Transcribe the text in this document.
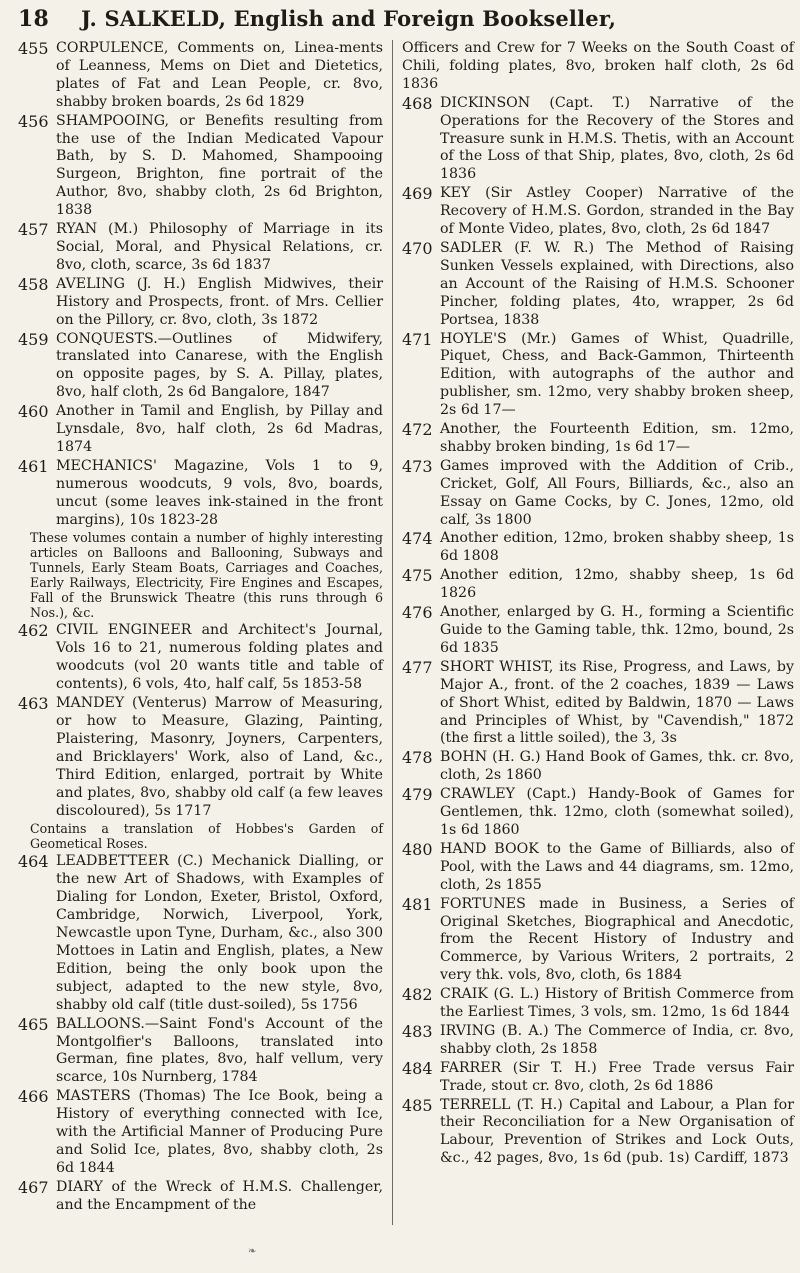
18 J. SALKELD, English and Foreign Bookseller,
455 CORPULENCE, Comments on, Linea-ments of Leanness, Mems on Diet and Dietetics, plates of Fat and Lean People, cr. 8vo, shabby broken boards, 2s 6d 1829
456 SHAMPOOING, or Benefits resulting from the use of the Indian Medicated Vapour Bath, by S. D. Mahomed, Shampooing Surgeon, Brighton, fine portrait of the Author, 8vo, shabby cloth, 2s 6d Brighton, 1838
457 RYAN (M.) Philosophy of Marriage in its Social, Moral, and Physical Relations, cr. 8vo, cloth, scarce, 3s 6d 1837
458 AVELING (J. H.) English Midwives, their History and Prospects, front. of Mrs. Cellier on the Pillory, cr. 8vo, cloth, 3s 1872
459 CONQUESTS.—Outlines of Midwifery, translated into Canarese, with the English on opposite pages, by S. A. Pillay, plates, 8vo, half cloth, 2s 6d Bangalore, 1847
460 Another in Tamil and English, by Pillay and Lynsdale, 8vo, half cloth, 2s 6d Madras, 1874
461 MECHANICS' Magazine, Vols 1 to 9, numerous woodcuts, 9 vols, 8vo, boards, uncut (some leaves ink-stained in the front margins), 10s 1823-28
These volumes contain a number of highly interesting articles on Balloons and Ballooning, Subways and Tunnels, Early Steam Boats, Carriages and Coaches, Early Railways, Electricity, Fire Engines and Escapes, Fall of the Brunswick Theatre (this runs through 6 Nos.), &c.
462 CIVIL ENGINEER and Architect's Journal, Vols 16 to 21, numerous folding plates and woodcuts (vol 20 wants title and table of contents), 6 vols, 4to, half calf, 5s 1853-58
463 MANDEY (Venterus) Marrow of Measuring, or how to Measure, Glazing, Painting, Plaistering, Masonry, Joyners, Carpenters, and Bricklayers' Work, also of Land, &c., Third Edition, enlarged, portrait by White and plates, 8vo, shabby old calf (a few leaves discoloured), 5s 1717
Contains a translation of Hobbes's Garden of Geometical Roses.
464 LEADBETTEER (C.) Mechanick Dialling, or the new Art of Shadows, with Examples of Dialing for London, Exeter, Bristol, Oxford, Cambridge, Norwich, Liverpool, York, Newcastle upon Tyne, Durham, &c., also 300 Mottoes in Latin and English, plates, a New Edition, being the only book upon the subject, adapted to the new style, 8vo, shabby old calf (title dust-soiled), 5s 1756
465 BALLOONS.—Saint Fond's Account of the Montgolfier's Balloons, translated into German, fine plates, 8vo, half vellum, very scarce, 10s Nurnberg, 1784
466 MASTERS (Thomas) The Ice Book, being a History of everything connected with Ice, with the Artificial Manner of Producing Pure and Solid Ice, plates, 8vo, shabby cloth, 2s 6d 1844
467 DIARY of the Wreck of H.M.S. Challenger, and the Encampment of the
Officers and Crew for 7 Weeks on the South Coast of Chili, folding plates, 8vo, broken half cloth, 2s 6d 1836
468 DICKINSON (Capt. T.) Narrative of the Operations for the Recovery of the Stores and Treasure sunk in H.M.S. Thetis, with an Account of the Loss of that Ship, plates, 8vo, cloth, 2s 6d 1836
469 KEY (Sir Astley Cooper) Narrative of the Recovery of H.M.S. Gordon, stranded in the Bay of Monte Video, plates, 8vo, cloth, 2s 6d 1847
470 SADLER (F. W. R.) The Method of Raising Sunken Vessels explained, with Directions, also an Account of the Raising of H.M.S. Schooner Pincher, folding plates, 4to, wrapper, 2s 6d Portsea, 1838
471 HOYLE'S (Mr.) Games of Whist, Quadrille, Piquet, Chess, and Back-Gammon, Thirteenth Edition, with autographs of the author and publisher, sm. 12mo, very shabby broken sheep, 2s 6d 17—
472 Another, the Fourteenth Edition, sm. 12mo, shabby broken binding, 1s 6d 17—
473 Games improved with the Addition of Crib., Cricket, Golf, All Fours, Billiards, &c., also an Essay on Game Cocks, by C. Jones, 12mo, old calf, 3s 1800
474 Another edition, 12mo, broken shabby sheep, 1s 6d 1808
475 Another edition, 12mo, shabby sheep, 1s 6d 1826
476 Another, enlarged by G. H., forming a Scientific Guide to the Gaming table, thk. 12mo, bound, 2s 6d 1835
477 SHORT WHIST, its Rise, Progress, and Laws, by Major A., front. of the 2 coaches, 1839 — Laws of Short Whist, edited by Baldwin, 1870 — Laws and Principles of Whist, by "Cavendish," 1872 (the first a little soiled), the 3, 3s
478 BOHN (H. G.) Hand Book of Games, thk. cr. 8vo, cloth, 2s 1860
479 CRAWLEY (Capt.) Handy-Book of Games for Gentlemen, thk. 12mo, cloth (somewhat soiled), 1s 6d 1860
480 HAND BOOK to the Game of Billiards, also of Pool, with the Laws and 44 diagrams, sm. 12mo, cloth, 2s 1855
481 FORTUNES made in Business, a Series of Original Sketches, Biographical and Anecdotic, from the Recent History of Industry and Commerce, by Various Writers, 2 portraits, 2 very thk. vols, 8vo, cloth, 6s 1884
482 CRAIK (G. L.) History of British Commerce from the Earliest Times, 3 vols, sm. 12mo, 1s 6d 1844
483 IRVING (B. A.) The Commerce of India, cr. 8vo, shabby cloth, 2s 1858
484 FARRER (Sir T. H.) Free Trade versus Fair Trade, stout cr. 8vo, cloth, 2s 6d 1886
485 TERRELL (T. H.) Capital and Labour, a Plan for their Reconciliation for a New Organisation of Labour, Prevention of Strikes and Lock Outs, &c., 42 pages, 8vo, 1s 6d (pub. 1s) Cardiff, 1873
❧
